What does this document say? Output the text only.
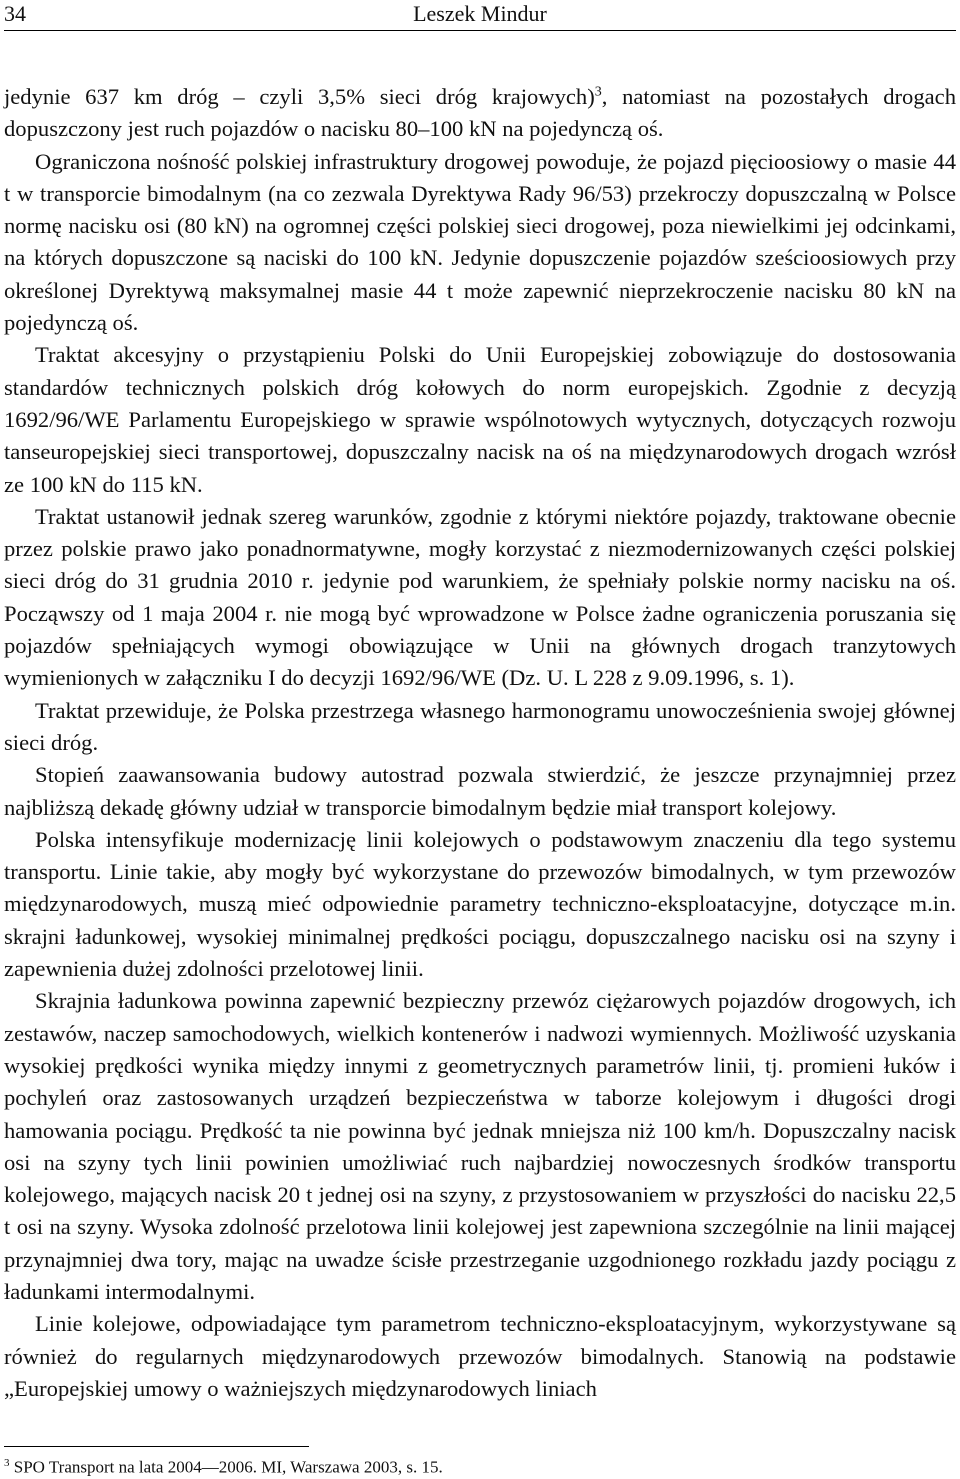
34	Leszek Mindur

jedynie 637 km dróg – czyli 3,5% sieci dróg krajowych)$^3$, natomiast na pozostałych drogach dopuszczony jest ruch pojazdów o nacisku 80–100 kN na pojedynczą oś.

Ograniczona nośność polskiej infrastruktury drogowej powoduje, że pojazd pięcioosiowy o masie 44 t w transporcie bimodalnym (na co zezwala Dyrektywa Rady 96/53) przekroczy dopuszczalną w Polsce normę nacisku osi (80 kN) na ogromnej części polskiej sieci drogowej, poza niewielkimi jej odcinkami, na których dopuszczone są naciski do 100 kN. Jedynie dopuszczenie pojazdów sześcioosiowych przy określonej Dyrektywą maksymalnej masie 44 t może zapewnić nieprzekroczenie nacisku 80 kN na pojedynczą oś.

Traktat akcesyjny o przystąpieniu Polski do Unii Europejskiej zobowiązuje do dostosowania standardów technicznych polskich dróg kołowych do norm europejskich. Zgodnie z decyzją 1692/96/WE Parlamentu Europejskiego w sprawie wspólnotowych wytycznych, dotyczących rozwoju tanseuropejskiej sieci transportowej, dopuszczalny nacisk na oś na międzynarodowych drogach wzrósł ze 100 kN do 115 kN.

Traktat ustanowił jednak szereg warunków, zgodnie z którymi niektóre pojazdy, traktowane obecnie przez polskie prawo jako ponadnormatywne, mogły korzystać z niezmodernizowanych części polskiej sieci dróg do 31 grudnia 2010 r. jedynie pod warunkiem, że spełniały polskie normy nacisku na oś. Począwszy od 1 maja 2004 r. nie mogą być wprowadzone w Polsce żadne ograniczenia poruszania się pojazdów spełniających wymogi obowiązujące w Unii na głównych drogach tranzytowych wymienionych w załączniku I do decyzji 1692/96/WE (Dz. U. L 228 z 9.09.1996, s. 1).

Traktat przewiduje, że Polska przestrzega własnego harmonogramu unowocześnienia swojej głównej sieci dróg.

Stopień zaawansowania budowy autostrad pozwala stwierdzić, że jeszcze przynajmniej przez najbliższą dekadę główny udział w transporcie bimodalnym będzie miał transport kolejowy.

Polska intensyfikuje modernizację linii kolejowych o podstawowym znaczeniu dla tego systemu transportu. Linie takie, aby mogły być wykorzystane do przewozów bimodalnych, w tym przewozów międzynarodowych, muszą mieć odpowiednie parametry techniczno-eksploatacyjne, dotyczące m.in. skrajni ładunkowej, wysokiej minimalnej prędkości pociągu, dopuszczalnego nacisku osi na szyny i zapewnienia dużej zdolności przelotowej linii.

Skrajnia ładunkowa powinna zapewnić bezpieczny przewóz ciężarowych pojazdów drogowych, ich zestawów, naczep samochodowych, wielkich kontenerów i nadwozi wymiennych. Możliwość uzyskania wysokiej prędkości wynika między innymi z geometrycznych parametrów linii, tj. promieni łuków i pochyleń oraz zastosowanych urządzeń bezpieczeństwa w taborze kolejowym i długości drogi hamowania pociągu. Prędkość ta nie powinna być jednak mniejsza niż 100 km/h. Dopuszczalny nacisk osi na szyny tych linii powinien umożliwiać ruch najbardziej nowoczesnych środków transportu kolejowego, mających nacisk 20 t jednej osi na szyny, z przystosowaniem w przyszłości do nacisku 22,5 t osi na szyny. Wysoka zdolność przelotowa linii kolejowej jest zapewniona szczególnie na linii mającej przynajmniej dwa tory, mając na uwadze ścisłe przestrzeganie uzgodnionego rozkładu jazdy pociągu z ładunkami intermodalnymi.

Linie kolejowe, odpowiadające tym parametrom techniczno-eksploatacyjnym, wykorzystywane są również do regularnych międzynarodowych przewozów bimodalnych. Stanowią na podstawie „Europejskiej umowy o ważniejszych międzynarodowych liniach

$^3$ SPO Transport na lata 2004—2006. MI, Warszawa 2003, s. 15.
